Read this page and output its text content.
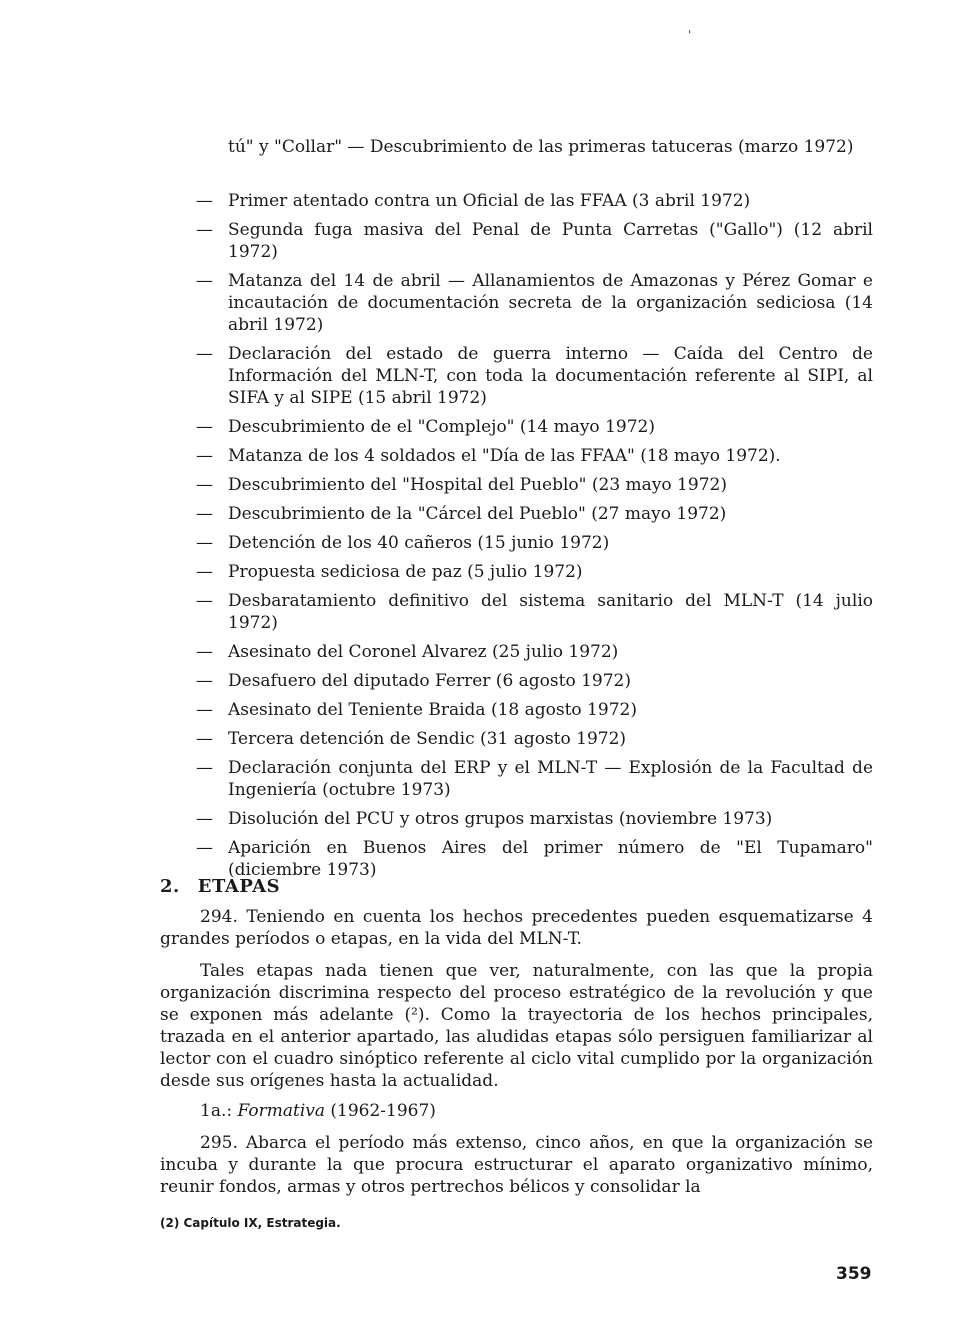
'
tú" y "Collar" — Descubrimiento de las primeras tatuceras (marzo 1972)
— Primer atentado contra un Oficial de las FFAA (3 abril 1972)
— Segunda fuga masiva del Penal de Punta Carretas ("Gallo") (12 abril 1972)
— Matanza del 14 de abril — Allanamientos de Amazonas y Pérez Gomar e incautación de documentación secreta de la organización sediciosa (14 abril 1972)
— Declaración del estado de guerra interno — Caída del Centro de Información del MLN-T, con toda la documentación referente al SIPI, al SIFA y al SIPE (15 abril 1972)
— Descubrimiento de el "Complejo" (14 mayo 1972)
— Matanza de los 4 soldados el "Día de las FFAA" (18 mayo 1972).
— Descubrimiento del "Hospital del Pueblo" (23 mayo 1972)
— Descubrimiento de la "Cárcel del Pueblo" (27 mayo 1972)
— Detención de los 40 cañeros (15 junio 1972)
— Propuesta sediciosa de paz (5 julio 1972)
— Desbaratamiento definitivo del sistema sanitario del MLN-T (14 julio 1972)
— Asesinato del Coronel Alvarez (25 julio 1972)
— Desafuero del diputado Ferrer (6 agosto 1972)
— Asesinato del Teniente Braida (18 agosto 1972)
— Tercera detención de Sendic (31 agosto 1972)
— Declaración conjunta del ERP y el MLN-T — Explosión de la Facultad de Ingeniería (octubre 1973)
— Disolución del PCU y otros grupos marxistas (noviembre 1973)
— Aparición en Buenos Aires del primer número de "El Tupamaro" (diciembre 1973)
2. ETAPAS
294. Teniendo en cuenta los hechos precedentes pueden esquematizarse 4 grandes períodos o etapas, en la vida del MLN-T.
Tales etapas nada tienen que ver, naturalmente, con las que la propia organización discrimina respecto del proceso estratégico de la revolución y que se exponen más adelante (²). Como la trayectoria de los hechos principales, trazada en el anterior apartado, las aludidas etapas sólo persiguen familiarizar al lector con el cuadro sinóptico referente al ciclo vital cumplido por la organización desde sus orígenes hasta la actualidad.
1a.: Formativa (1962-1967)
295. Abarca el período más extenso, cinco años, en que la organización se incuba y durante la que procura estructurar el aparato organizativo mínimo, reunir fondos, armas y otros pertrechos bélicos y consolidar la
(2) Capítulo IX, Estrategia.
359
